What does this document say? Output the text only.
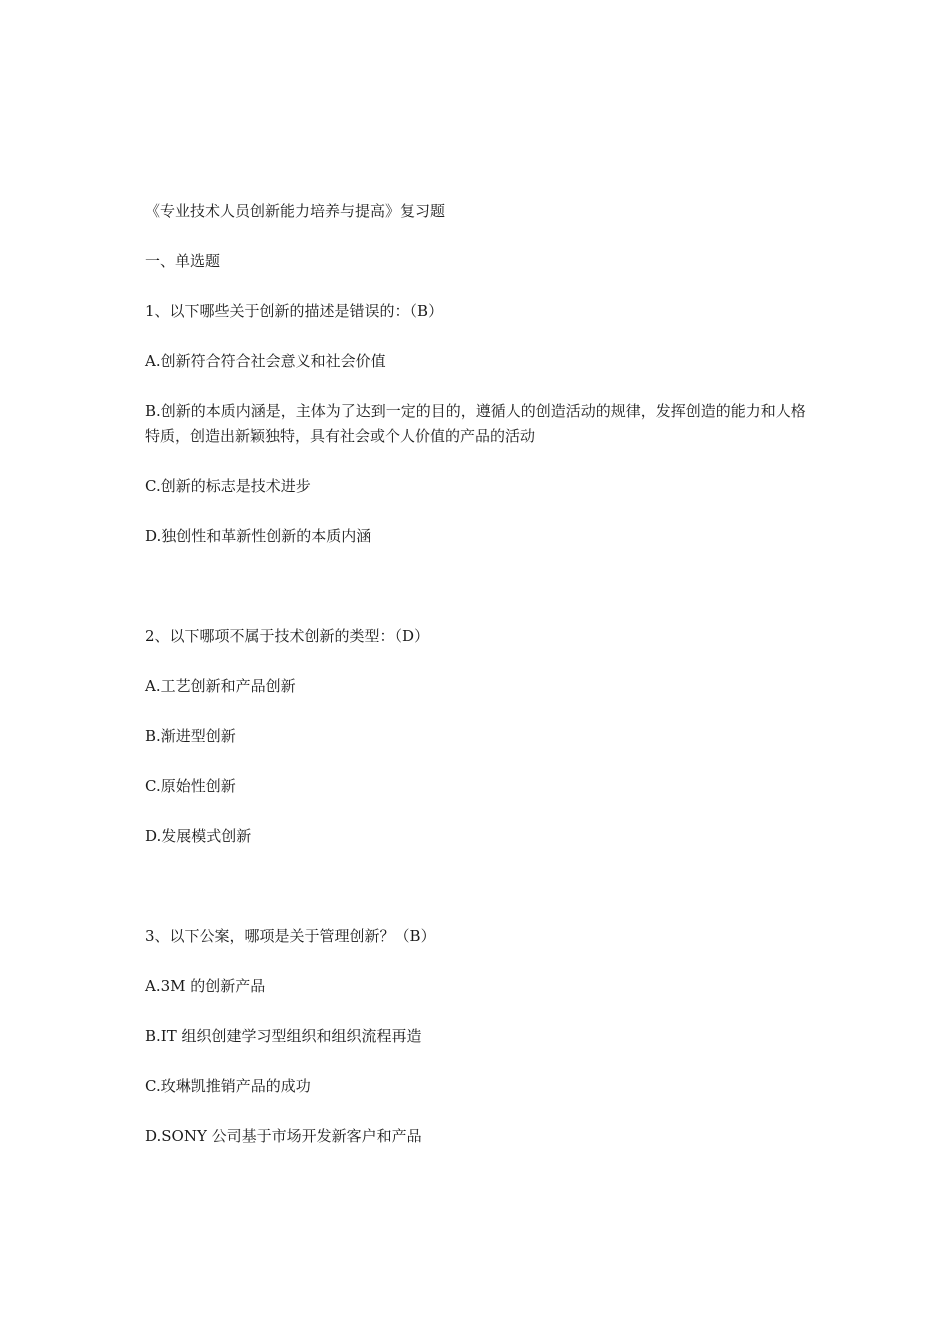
《专业技术人员创新能力培养与提高》复习题
一、单选题
1、以下哪些关于创新的描述是错误的：（B）
A.创新符合符合社会意义和社会价值
B.创新的本质内涵是，主体为了达到一定的目的，遵循人的创造活动的规律，发挥创造的能力和人格特质，创造出新颖独特，具有社会或个人价值的产品的活动
C.创新的标志是技术进步
D.独创性和革新性创新的本质内涵
2、以下哪项不属于技术创新的类型：（D）
A.工艺创新和产品创新
B.渐进型创新
C.原始性创新
D.发展模式创新
3、以下公案，哪项是关于管理创新？（B）
A.3M 的创新产品
B.IT 组织创建学习型组织和组织流程再造
C.玫琳凯推销产品的成功
D.SONY 公司基于市场开发新客户和产品
